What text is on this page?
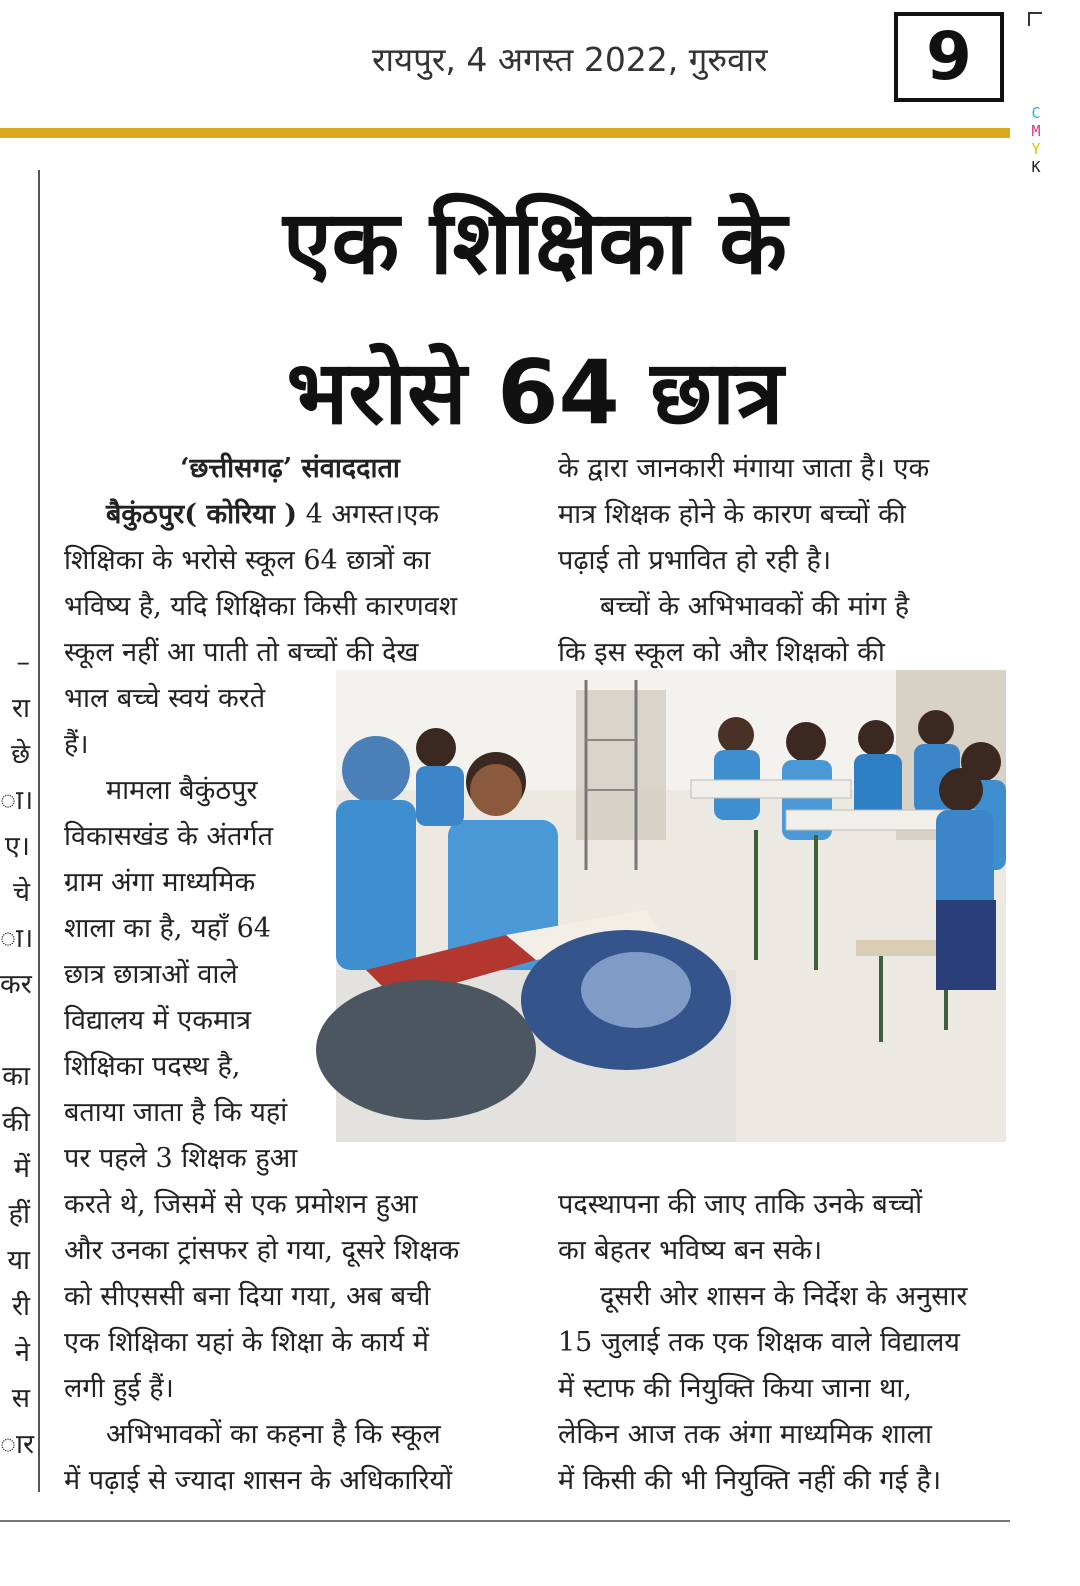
रायपुर, 4 अगस्त 2022, गुरुवार	9
C
M
Y
K
–
रा
छे
ा।
ए।
चे
ा।
कर
का
की
में
हीं
या
री
ने
स
ार
एक शिक्षिका के
भरोसे 64 छात्र

‘छत्तीसगढ़’ संवाददाता

बैकुंठपुर( कोरिया ) 4 अगस्त।एक

शिक्षिका के भरोसे स्कूल 64 छात्रों का

भविष्य है, यदि शिक्षिका किसी कारणवश

स्कूल नहीं आ पाती तो बच्चों की देख

भाल बच्चे स्वयं करते

हैं।

मामला बैकुंठपुर

विकासखंड के अंतर्गत

ग्राम अंगा माध्यमिक

शाला का है, यहाँ 64

छात्र छात्राओं वाले

विद्यालय में एकमात्र

शिक्षिका पदस्थ है,

बताया जाता है कि यहां

पर पहले 3 शिक्षक हुआ

करते थे, जिसमें से एक प्रमोशन हुआ

और उनका ट्रांसफर हो गया, दूसरे शिक्षक

को सीएससी बना दिया गया, अब बची

एक शिक्षिका यहां के शिक्षा के कार्य में

लगी हुई हैं।

अभिभावकों का कहना है कि स्कूल

में पढ़ाई से ज्यादा शासन के अधिकारियों

के द्वारा जानकारी मंगाया जाता है। एक

मात्र शिक्षक होने के कारण बच्चों की

पढ़ाई तो प्रभावित हो रही है।

बच्चों के अभिभावकों की मांग है

कि इस स्कूल को और शिक्षको की

पदस्थापना की जाए ताकि उनके बच्चों

का बेहतर भविष्य बन सके।

दूसरी ओर शासन के निर्देश के अनुसार

15 जुलाई तक एक शिक्षक वाले विद्यालय

में स्टाफ की नियुक्ति किया जाना था,

लेकिन आज तक अंगा माध्यमिक शाला

में किसी की भी नियुक्ति नहीं की गई है।
